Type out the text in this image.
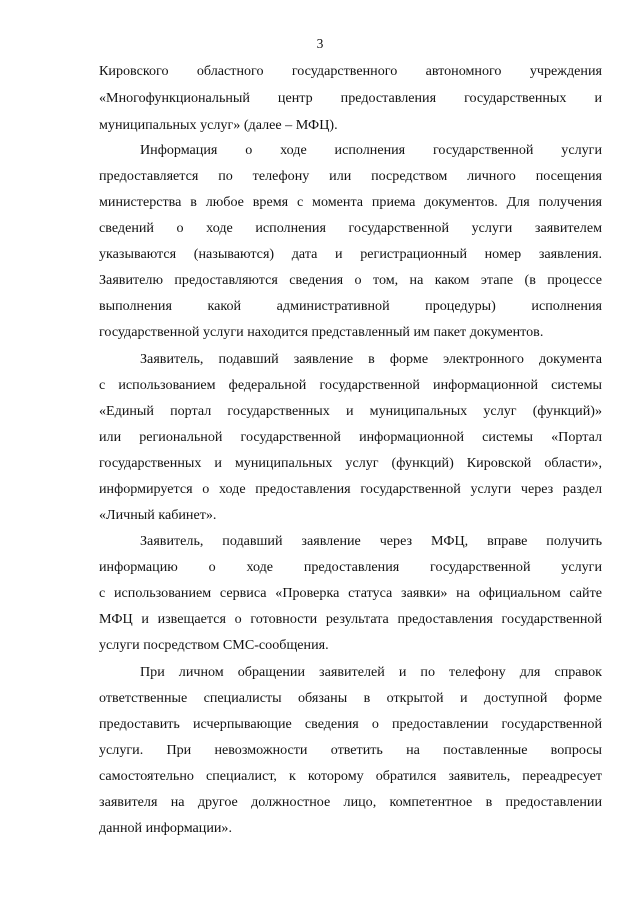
3
Кировского областного государственного автономного учреждения
«Многофункциональный центр предоставления государственных и
муниципальных услуг» (далее – МФЦ).
Информация о ходе исполнения государственной услуги
предоставляется по телефону или посредством личного посещения
министерства в любое время с момента приема документов. Для получения
сведений о ходе исполнения государственной услуги заявителем
указываются (называются) дата и регистрационный номер заявления.
Заявителю предоставляются сведения о том, на каком этапе (в процессе
выполнения какой административной процедуры) исполнения
государственной услуги находится представленный им пакет документов.
Заявитель, подавший заявление в форме электронного документа
с использованием федеральной государственной информационной системы
«Единый портал государственных и муниципальных услуг (функций)»
или региональной государственной информационной системы «Портал
государственных и муниципальных услуг (функций) Кировской области»,
информируется о ходе предоставления государственной услуги через раздел
«Личный кабинет».
Заявитель, подавший заявление через МФЦ, вправе получить
информацию о ходе предоставления государственной услуги
с использованием сервиса «Проверка статуса заявки» на официальном сайте
МФЦ и извещается о готовности результата предоставления государственной
услуги посредством СМС-сообщения.
При личном обращении заявителей и по телефону для справок
ответственные специалисты обязаны в открытой и доступной форме
предоставить исчерпывающие сведения о предоставлении государственной
услуги. При невозможности ответить на поставленные вопросы
самостоятельно специалист, к которому обратился заявитель, переадресует
заявителя на другое должностное лицо, компетентное в предоставлении
данной информации».
